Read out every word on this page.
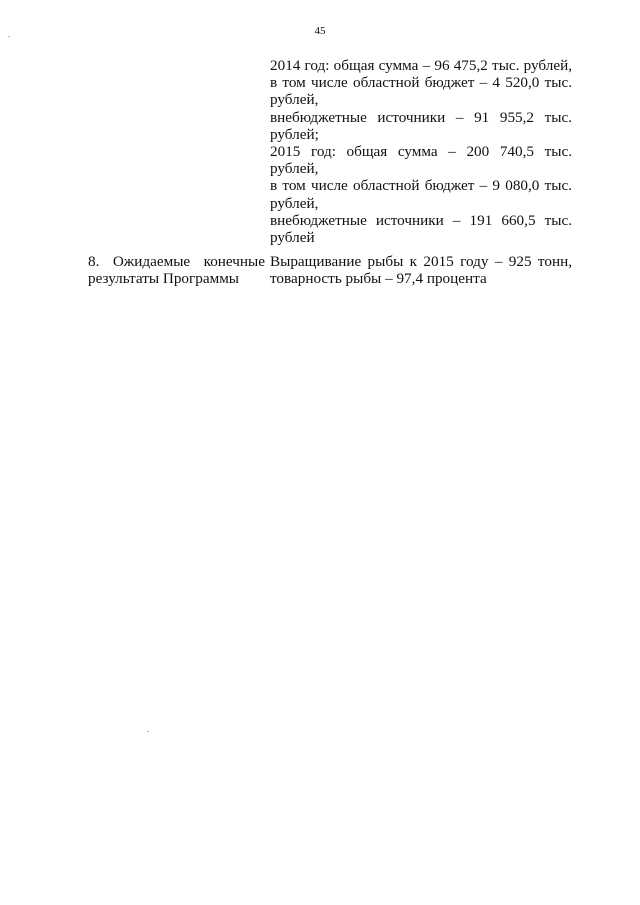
45
2014 год: общая сумма – 96 475,2 тыс. рублей,
в том числе областной бюджет – 4 520,0 тыс.
рублей,
внебюджетные источники – 91 955,2 тыс.
рублей;
2015 год: общая сумма – 200 740,5 тыс.
рублей,
в том числе областной бюджет – 9 080,0 тыс.
рублей,
внебюджетные источники – 191 660,5 тыс.
рублей
8. Ожидаемые конечные
результаты Программы
Выращивание рыбы к 2015 году – 925 тонн,
товарность рыбы – 97,4 процента
